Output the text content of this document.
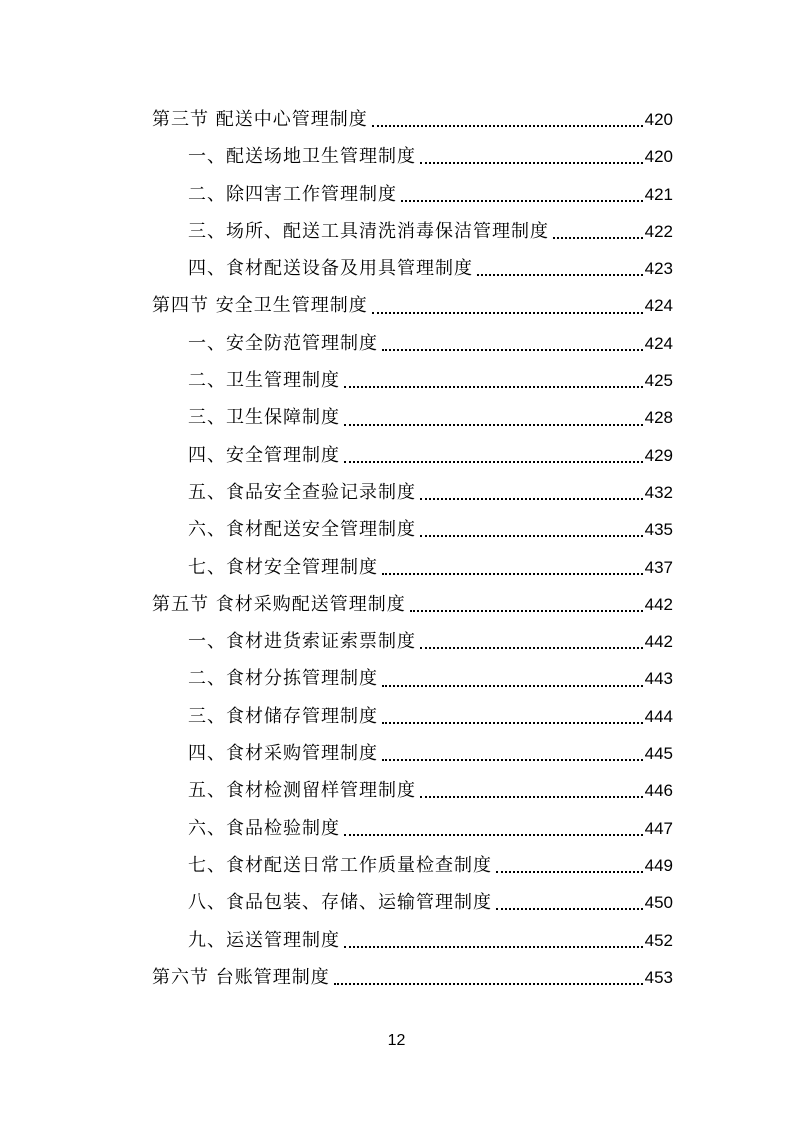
第三节 配送中心管理制度	420
一、配送场地卫生管理制度	420
二、除四害工作管理制度	421
三、场所、配送工具清洗消毒保洁管理制度	422
四、食材配送设备及用具管理制度	423
第四节 安全卫生管理制度	424
一、安全防范管理制度	424
二、卫生管理制度	425
三、卫生保障制度	428
四、安全管理制度	429
五、食品安全查验记录制度	432
六、食材配送安全管理制度	435
七、食材安全管理制度	437
第五节 食材采购配送管理制度	442
一、食材进货索证索票制度	442
二、食材分拣管理制度	443
三、食材储存管理制度	444
四、食材采购管理制度	445
五、食材检测留样管理制度	446
六、食品检验制度	447
七、食材配送日常工作质量检查制度	449
八、食品包装、存储、运输管理制度	450
九、运送管理制度	452
第六节 台账管理制度	453
12
